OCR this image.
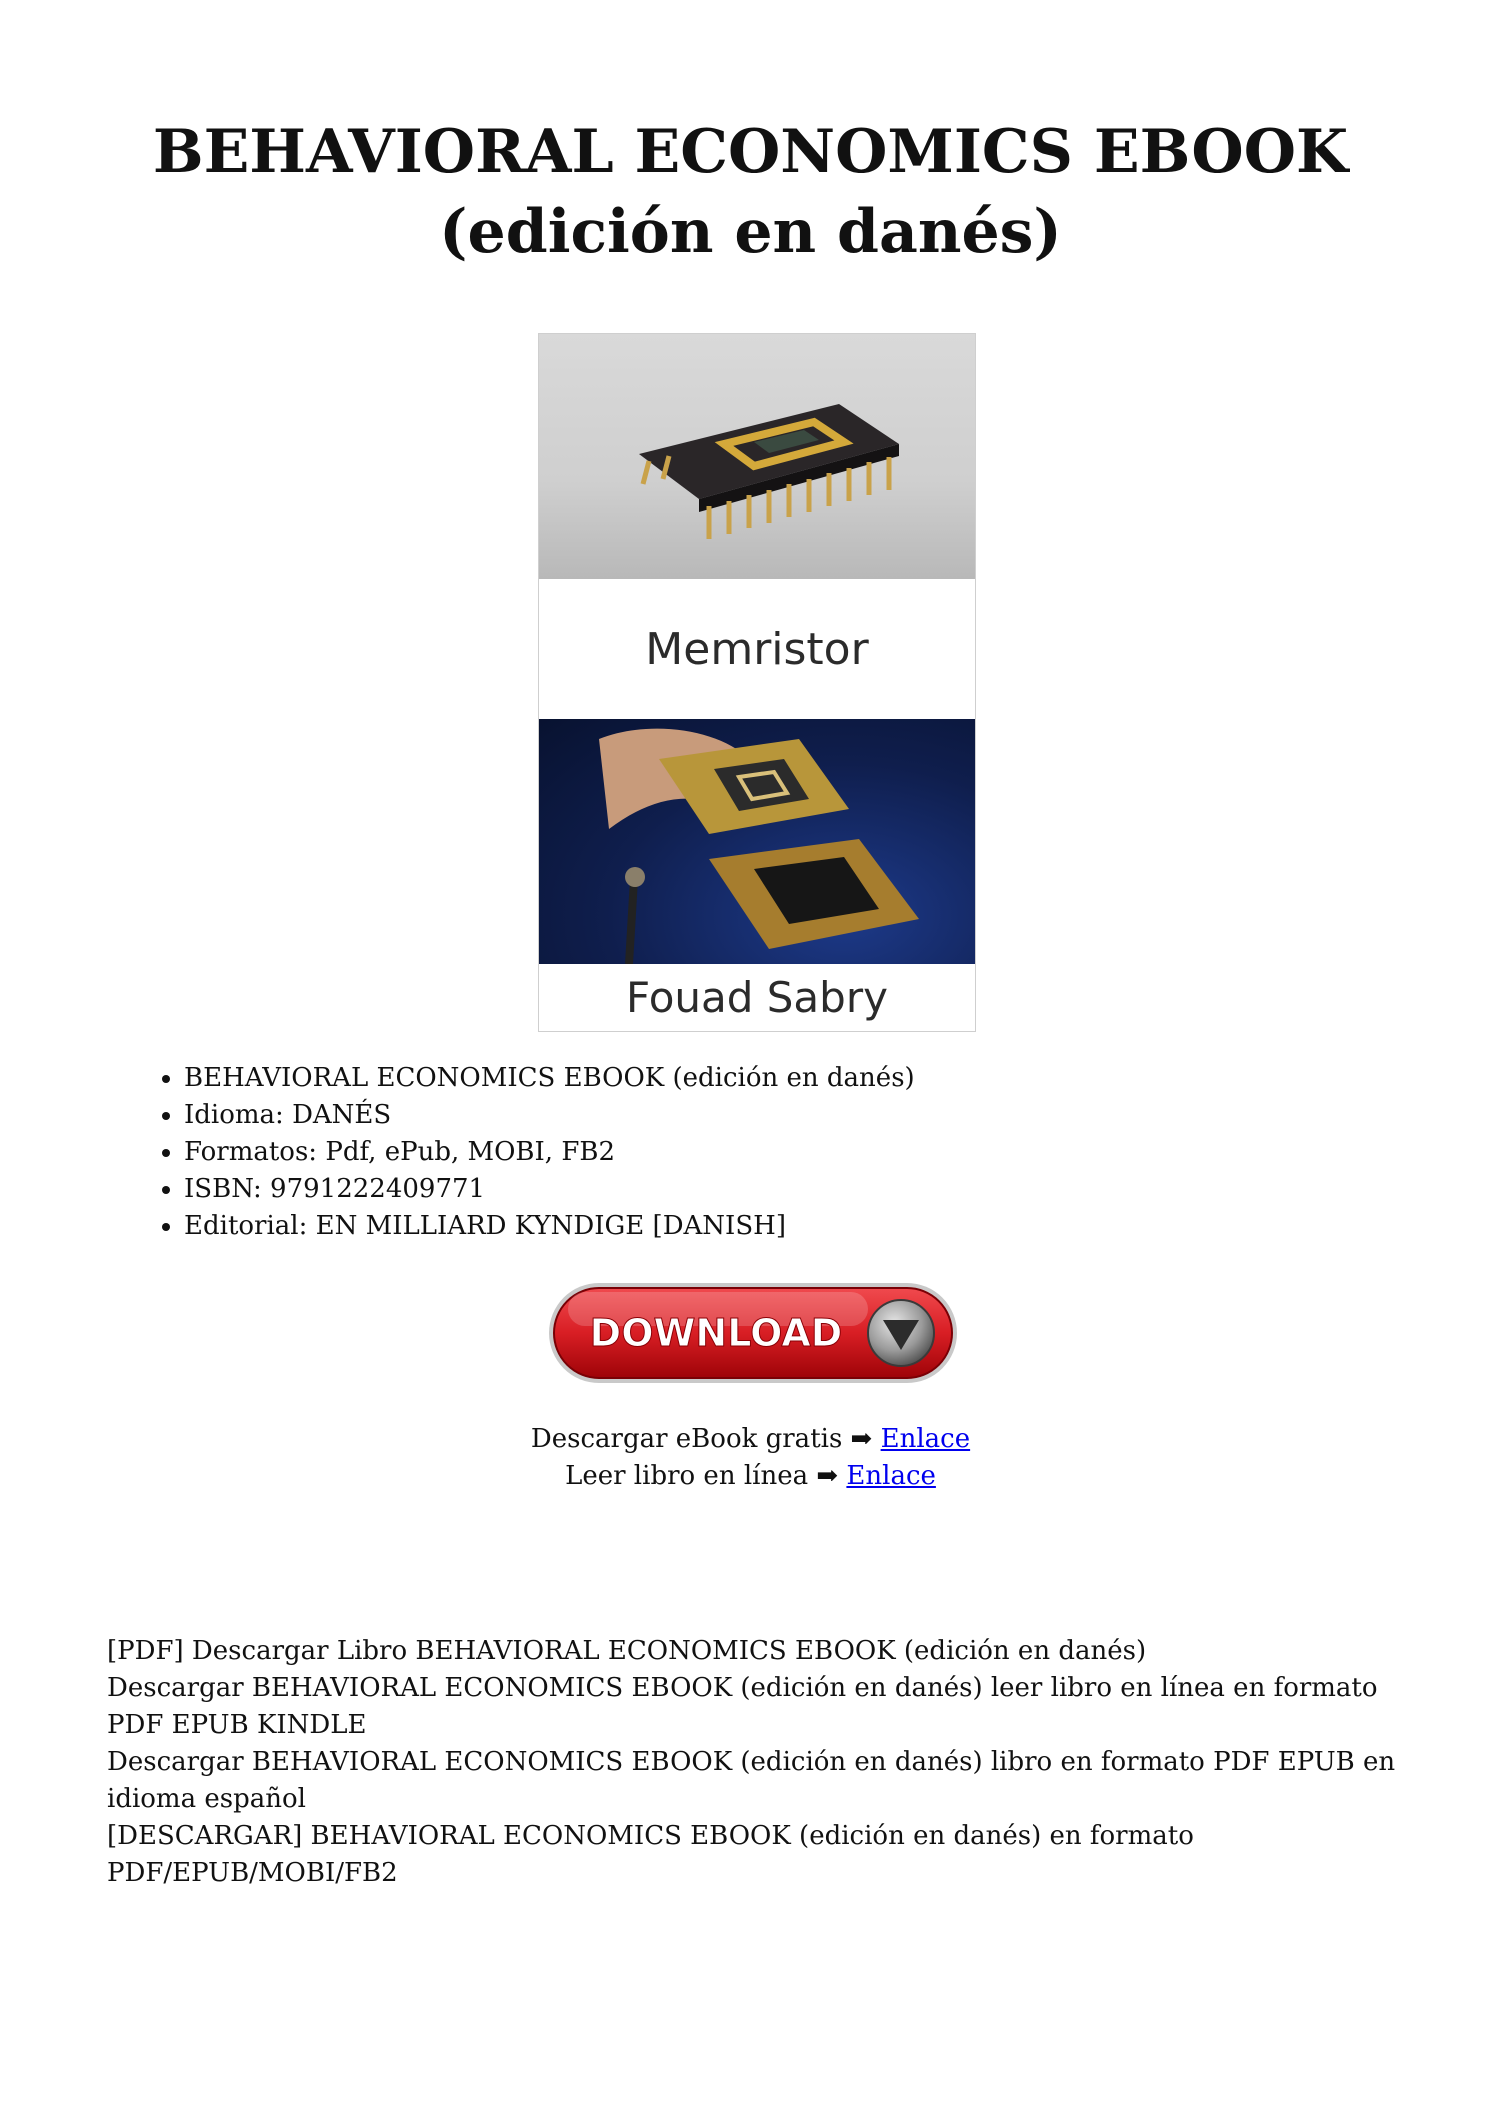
BEHAVIORAL ECONOMICS EBOOK (edición en danés)
Memristor
Fouad Sabry
• BEHAVIORAL ECONOMICS EBOOK (edición en danés)
• Idioma: DANÉS
• Formatos: Pdf, ePub, MOBI, FB2
• ISBN: 9791222409771
• Editorial: EN MILLIARD KYNDIGE [DANISH]
DOWNLOAD
Descargar eBook gratis ➡ Enlace
Leer libro en línea ➡ Enlace

[PDF] Descargar Libro BEHAVIORAL ECONOMICS EBOOK (edición en danés)

Descargar BEHAVIORAL ECONOMICS EBOOK (edición en danés) leer libro en línea en formato PDF EPUB KINDLE

Descargar BEHAVIORAL ECONOMICS EBOOK (edición en danés) libro en formato PDF EPUB en idioma español

[DESCARGAR] BEHAVIORAL ECONOMICS EBOOK (edición en danés) en formato PDF/EPUB/MOBI/FB2
